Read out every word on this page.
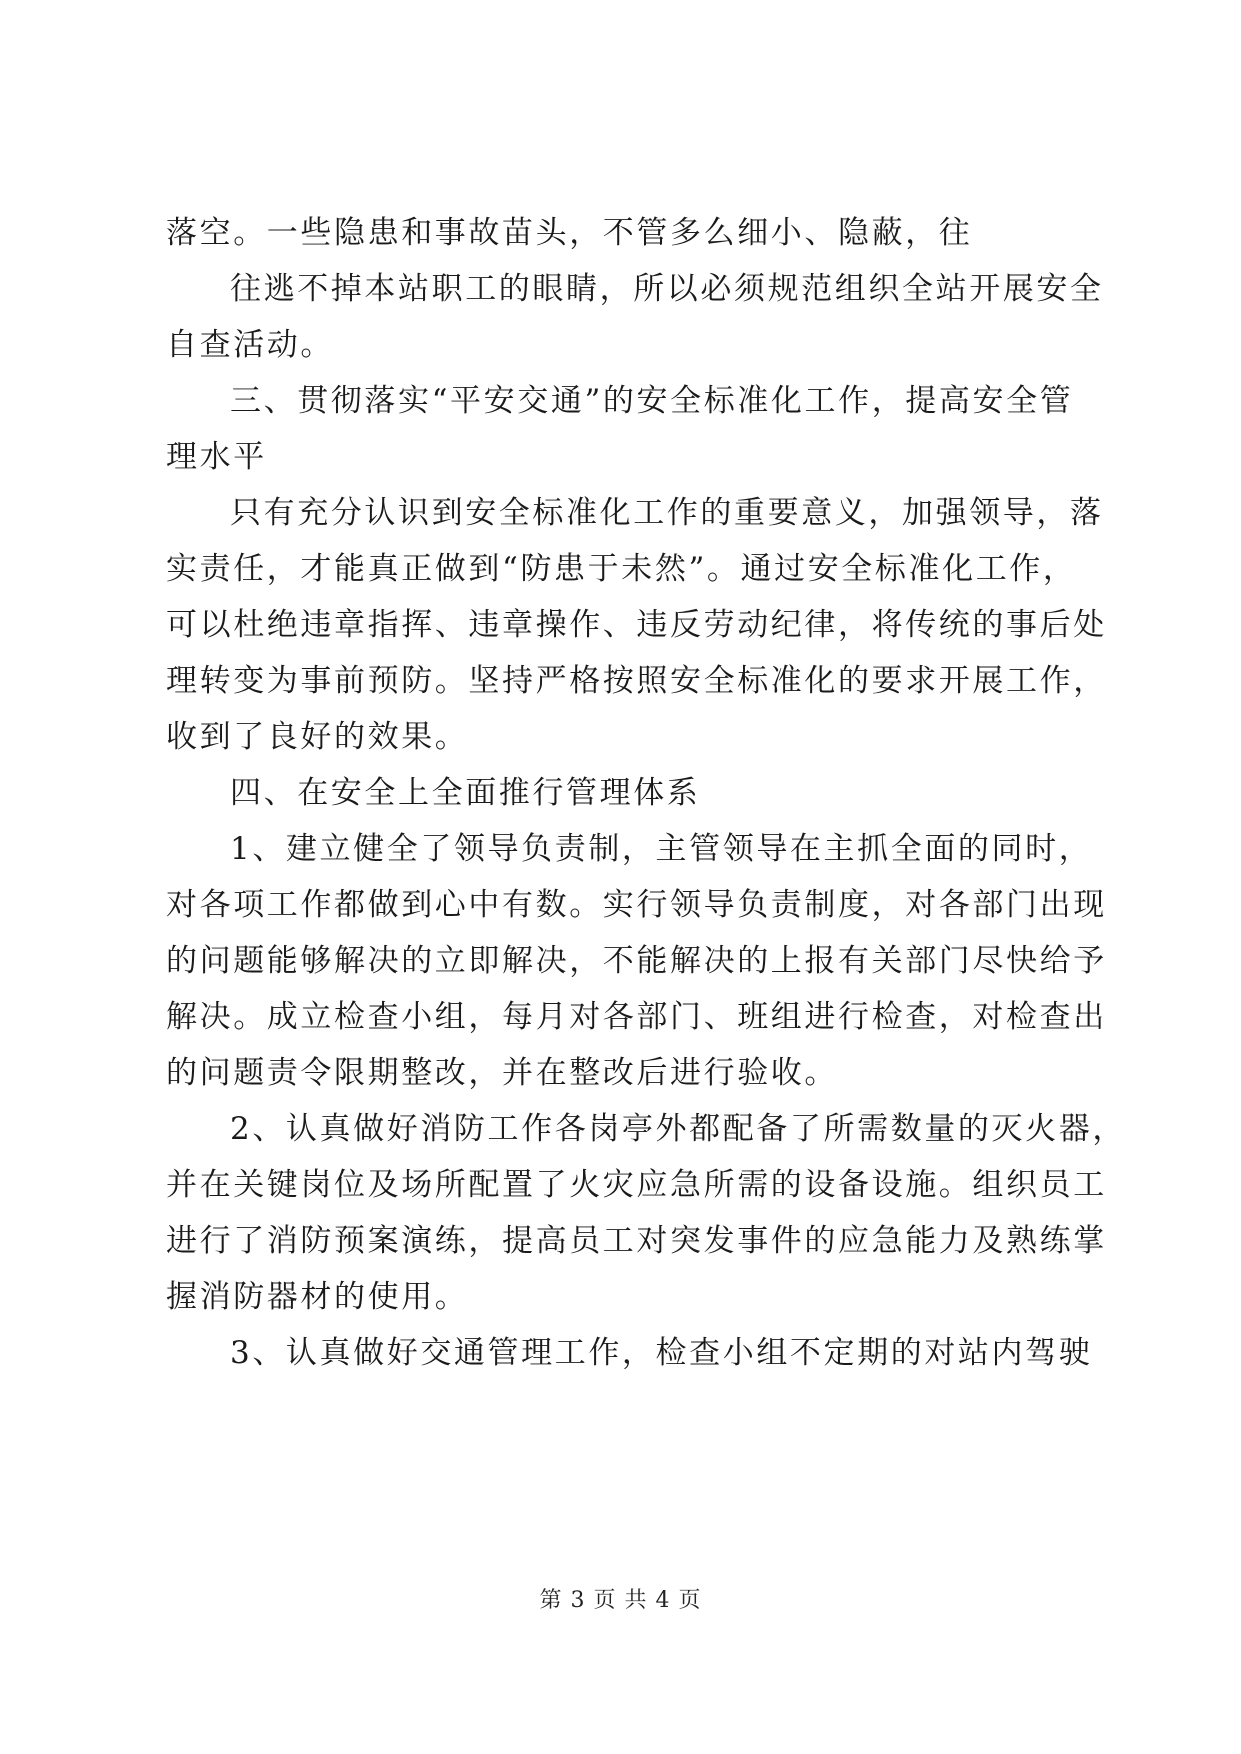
落空。一些隐患和事故苗头，不管多么细小、隐蔽，往
往逃不掉本站职工的眼睛，所以必须规范组织全站开展安全
自查活动。
三、贯彻落实“平安交通”的安全标准化工作，提高安全管
理水平
只有充分认识到安全标准化工作的重要意义，加强领导，落
实责任，才能真正做到“防患于未然”。通过安全标准化工作，
可以杜绝违章指挥、违章操作、违反劳动纪律，将传统的事后处
理转变为事前预防。坚持严格按照安全标准化的要求开展工作，
收到了良好的效果。
四、在安全上全面推行管理体系
1、建立健全了领导负责制，主管领导在主抓全面的同时，
对各项工作都做到心中有数。实行领导负责制度，对各部门出现
的问题能够解决的立即解决，不能解决的上报有关部门尽快给予
解决。成立检查小组，每月对各部门、班组进行检查，对检查出
的问题责令限期整改，并在整改后进行验收。
2、认真做好消防工作各岗亭外都配备了所需数量的灭火器，
并在关键岗位及场所配置了火灾应急所需的设备设施。组织员工
进行了消防预案演练，提高员工对突发事件的应急能力及熟练掌
握消防器材的使用。
3、认真做好交通管理工作，检查小组不定期的对站内驾驶
第 3 页 共 4 页
